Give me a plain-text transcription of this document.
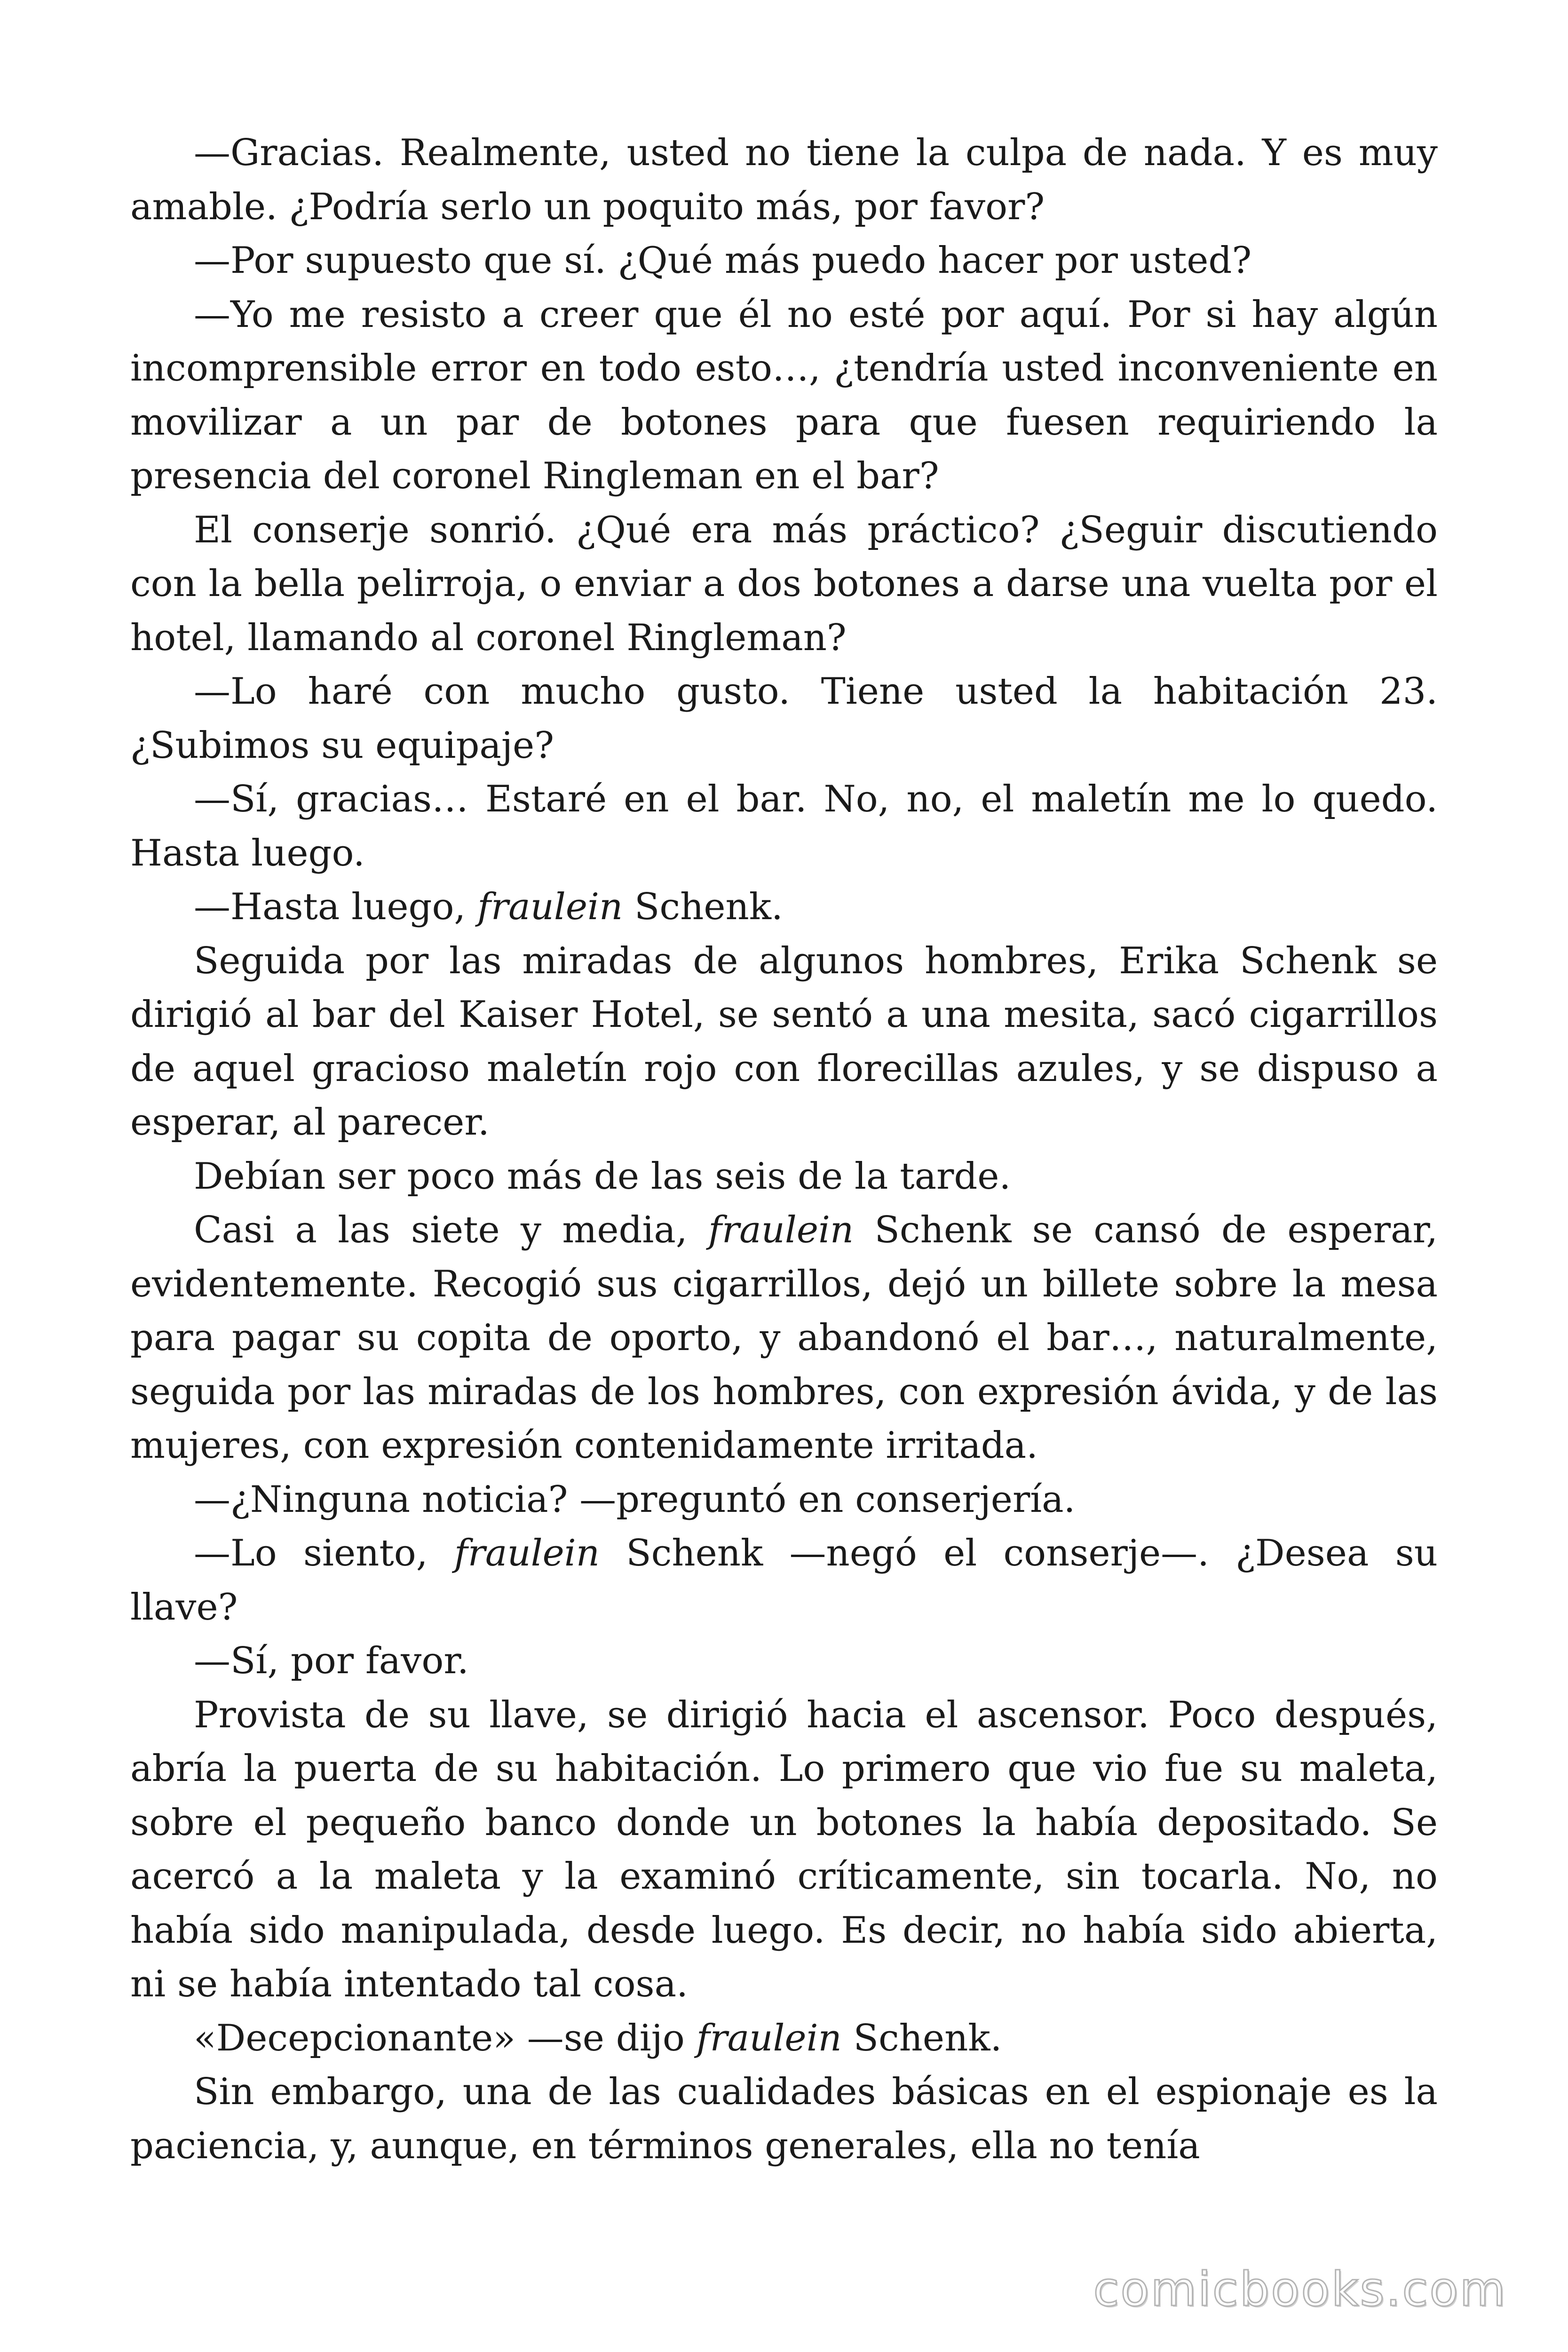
—Gracias. Realmente, usted no tiene la culpa de nada. Y es muy amable. ¿Podría serlo un poquito más, por favor?

—Por supuesto que sí. ¿Qué más puedo hacer por usted?

—Yo me resisto a creer que él no esté por aquí. Por si hay algún incomprensible error en todo esto…, ¿tendría usted inconveniente en movilizar a un par de botones para que fuesen requiriendo la presencia del coronel Ringleman en el bar?

El conserje sonrió. ¿Qué era más práctico? ¿Seguir discutiendo con la bella pelirroja, o enviar a dos botones a darse una vuelta por el hotel, llamando al coronel Ringleman?

—Lo haré con mucho gusto. Tiene usted la habitación 23. ¿Subimos su equipaje?

—Sí, gracias… Estaré en el bar. No, no, el maletín me lo quedo. Hasta luego.

—Hasta luego, fraulein Schenk.

Seguida por las miradas de algunos hombres, Erika Schenk se dirigió al bar del Kaiser Hotel, se sentó a una mesita, sacó cigarrillos de aquel gracioso maletín rojo con florecillas azules, y se dispuso a esperar, al parecer.

Debían ser poco más de las seis de la tarde.

Casi a las siete y media, fraulein Schenk se cansó de esperar, evidentemente. Recogió sus cigarrillos, dejó un billete sobre la mesa para pagar su copita de oporto, y abandonó el bar…, naturalmente, seguida por las miradas de los hombres, con expresión ávida, y de las mujeres, con expresión contenidamente irritada.

—¿Ninguna noticia? —preguntó en conserjería.

—Lo siento, fraulein Schenk —negó el conserje—. ¿Desea su llave?

—Sí, por favor.

Provista de su llave, se dirigió hacia el ascensor. Poco después, abría la puerta de su habitación. Lo primero que vio fue su maleta, sobre el pequeño banco donde un botones la había depositado. Se acercó a la maleta y la examinó críticamente, sin tocarla. No, no había sido manipulada, desde luego. Es decir, no había sido abierta, ni se había intentado tal cosa.

«Decepcionante» —se dijo fraulein Schenk.

Sin embargo, una de las cualidades básicas en el espionaje es la paciencia, y, aunque, en términos generales, ella no tenía

comicbooks.com
